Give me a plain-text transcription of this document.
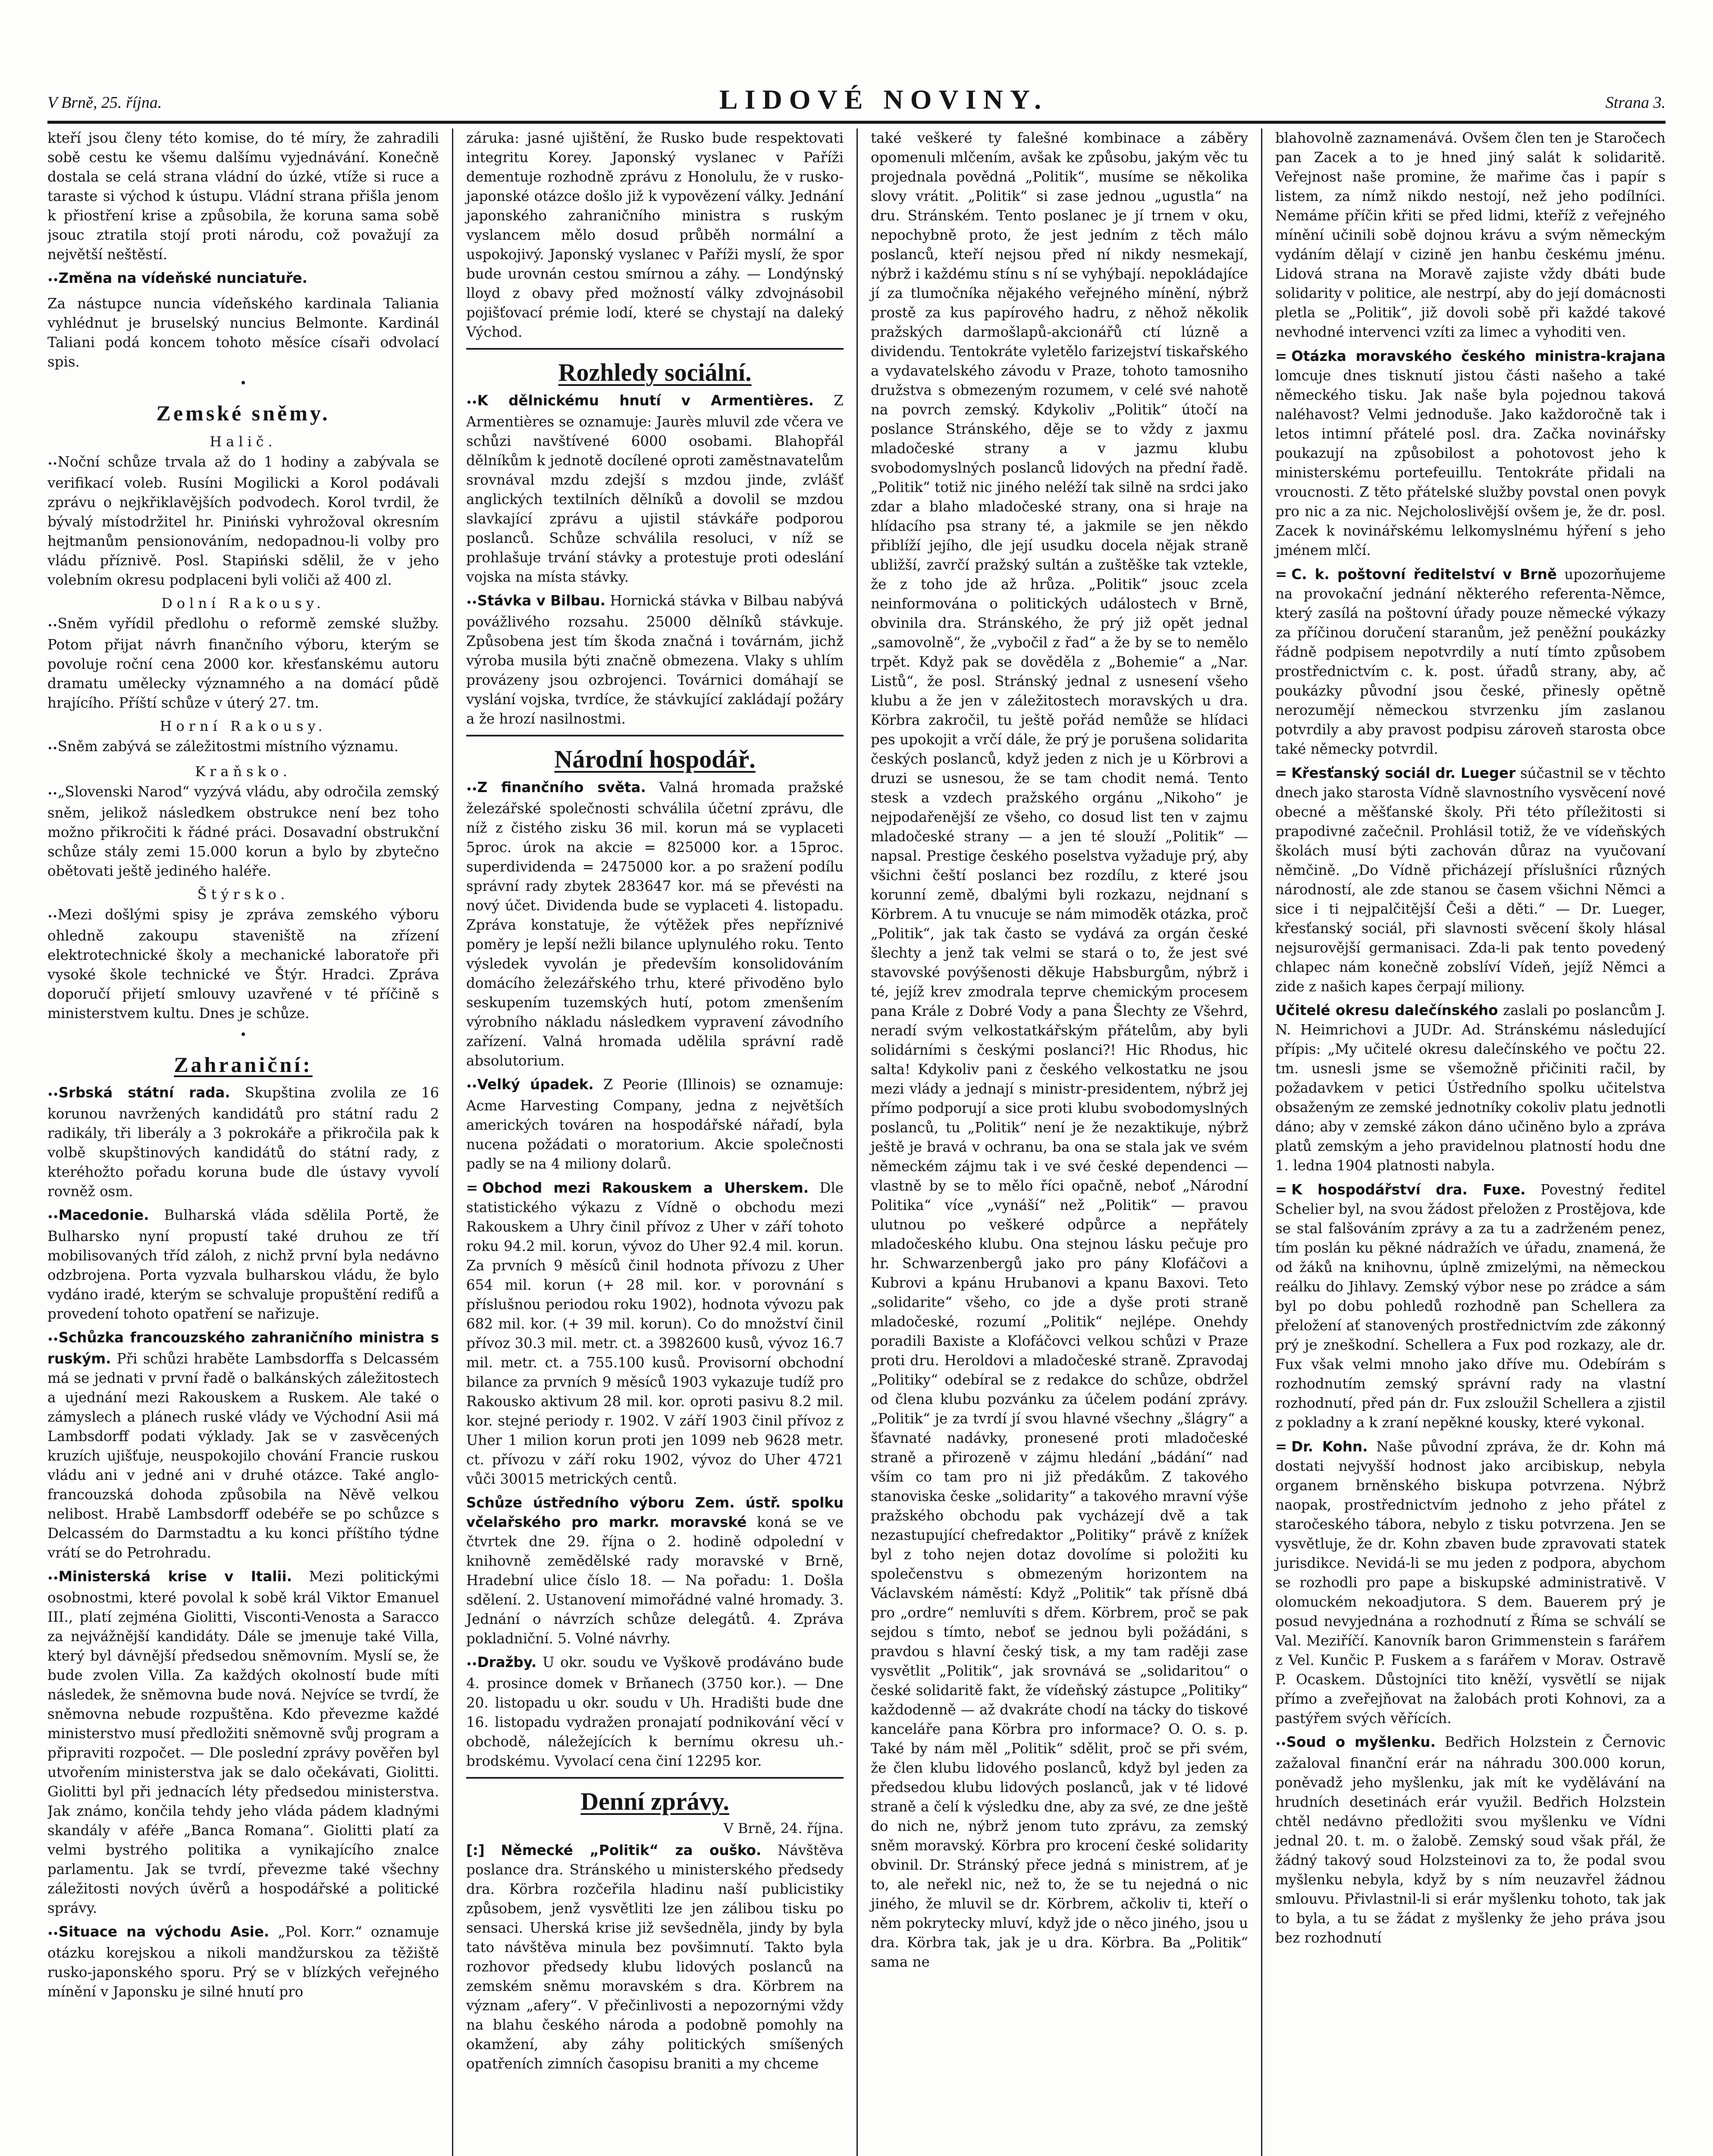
V Brně, 25. října.	LIDOVÉ NOVINY.	Strana 3.

kteří jsou členy této komise, do té míry, že zahradili sobě cestu ke všemu dalšímu vyjednávání. Konečně dostala se celá strana vládní do úzké, vtíže si ruce a taraste si východ k ústupu. Vládní strana přišla jenom k přiostření krise a způsobila, že koruna sama sobě jsouc ztratila stojí proti národu, což považují za největší neštěstí.

•• Změna na vídeňské nunciatuře.

Za nástupce nuncia vídeňského kardinala Taliania vyhlédnut je bruselský nuncius Belmonte. Kardinál Taliani podá koncem tohoto měsíce císaři odvolací spis.

•
Zemské sněmy.
Halič.

•• Noční schůze trvala až do 1 hodiny a zabývala se verifikací voleb. Rusíni Mogilicki a Korol podávali zprávu o nejkřiklavějších podvodech. Korol tvrdil, že bývalý místodržitel hr. Piniński vyhrožoval okresním hejtmanům pensionováním, nedopadnou-li volby pro vládu příznivě. Posl. Stapiński sdělil, že v jeho volebním okresu podplaceni byli voliči až 400 zl.

Dolní Rakousy.

•• Sněm vyřídil předlohu o reformě zemské služby. Potom přijat návrh finančního výboru, kterým se povoluje roční cena 2000 kor. křesťanskému autoru dramatu umělecky významného a na domácí půdě hrajícího. Příští schůze v úterý 27. tm.

Horní Rakousy.

•• Sněm zabývá se záležitostmi místního významu.

Kraňsko.

•• „Slovenski Narod“ vyzývá vládu, aby odročila zemský sněm, jelikož následkem obstrukce není bez toho možno přikročiti k řádné práci. Dosavadní obstrukční schůze stály zemi 15.000 korun a bylo by zbytečno obětovati ještě jediného haléře.

Štýrsko.

•• Mezi došlými spisy je zpráva zemského výboru ohledně zakoupu staveniště na zřízení elektrotechnické školy a mechanické laboratoře při vysoké škole technické ve Štýr. Hradci. Zpráva doporučí přijetí smlouvy uzavřené v té příčině s ministerstvem kultu. Dnes je schůze.

•
Zahraniční:

•• Srbská státní rada. Skupština zvolila ze 16 korunou navržených kandidátů pro státní radu 2 radikály, tři liberály a 3 pokrokáře a přikročila pak k volbě skupštinových kandidátů do státní rady, z kteréhožto pořadu koruna bude dle ústavy vyvolí rovněž osm.

•• Macedonie. Bulharská vláda sdělila Portě, že Bulharsko nyní propustí také druhou ze tří mobilisovaných tříd záloh, z nichž první byla nedávno odzbrojena. Porta vyzvala bulharskou vládu, že bylo vydáno iradé, kterým se schvaluje propuštění redifů a provedení tohoto opatření se nařizuje.

•• Schůzka francouzského zahraničního ministra s ruským. Při schůzi hraběte Lambsdorffa s Delcassém má se jednati v první řadě o balkánských záležitostech a ujednání mezi Rakouskem a Ruskem. Ale také o zámyslech a plánech ruské vlády ve Východní Asii má Lambsdorff podati výklady. Jak se v zasvěcených kruzích ujišťuje, neuspokojilo chování Francie ruskou vládu ani v jedné ani v druhé otázce. Také anglo-francouzská dohoda způsobila na Něvě velkou nelibost. Hrabě Lambsdorff odebéře se po schůzce s Delcassém do Darmstadtu a ku konci příštího týdne vrátí se do Petrohradu.

•• Ministerská krise v Italii. Mezi politickými osobnostmi, které povolal k sobě král Viktor Emanuel III., platí zejména Giolitti, Visconti-Venosta a Saracco za nejvážnější kandidáty. Dále se jmenuje také Villa, který byl dávnější předsedou sněmovním. Myslí se, že bude zvolen Villa. Za každých okolností bude míti následek, že sněmovna bude nová. Nejvíce se tvrdí, že sněmovna nebude rozpuštěna. Kdo převezme každé ministerstvo musí předložiti sněmovně svůj program a připraviti rozpočet. — Dle poslední zprávy pověřen byl utvořením ministerstva jak se dalo očekávati, Giolitti. Giolitti byl při jednacích léty předsedou ministerstva. Jak známo, končila tehdy jeho vláda pádem kladnými skandály v aféře „Banca Romana“. Giolitti platí za velmi bystrého politika a vynikajícího znalce parlamentu. Jak se tvrdí, převezme také všechny záležitosti nových úvěrů a hospodářské a politické správy.

•• Situace na východu Asie. „Pol. Korr.“ oznamuje otázku korejskou a nikoli mandžurskou za těžiště rusko-japonského sporu. Prý se v blízkých veřejného mínění v Japonsku je silné hnutí pro

záruka: jasné ujištění, že Rusko bude respektovati integritu Korey. Japonský vyslanec v Paříži dementuje rozhodně zprávu z Honolulu, že v rusko-japonské otázce došlo již k vypovězení války. Jednání japonského zahraničního ministra s ruským vyslancem mělo dosud průběh normální a uspokojivý. Japonský vyslanec v Paříži myslí, že spor bude urovnán cestou smírnou a záhy. — Londýnský lloyd z obavy před možností války zdvojnásobil pojišťovací prémie lodí, které se chystají na daleký Východ.

Rozhledy sociální.

•• K dělnickému hnutí v Armentières. Z Armentières se oznamuje: Jaurès mluvil zde včera ve schůzi navštívené 6000 osobami. Blahopřál dělníkům k jednotě docílené oproti zaměstnavatelům srovnával mzdu zdejší s mzdou jinde, zvlášť anglických textilních dělníků a dovolil se mzdou slavkající zprávu a ujistil stávkáře podporou poslanců. Schůze schválila resoluci, v níž se prohlašuje trvání stávky a protestuje proti odeslání vojska na místa stávky.

•• Stávka v Bilbau. Hornická stávka v Bilbau nabývá povážlivého rozsahu. 25000 dělníků stávkuje. Způsobena jest tím škoda značná i továrnám, jichž výroba musila býti značně obmezena. Vlaky s uhlím provázeny jsou ozbrojenci. Továrnici domáhají se vyslání vojska, tvrdíce, že stávkující zakládají požáry a že hrozí nasilnostmi.

Národní hospodář.

•• Z finančního světa. Valná hromada pražské železářské společnosti schválila účetní zprávu, dle níž z čistého zisku 36 mil. korun má se vyplaceti 5proc. úrok na akcie = 825000 kor. a 15proc. superdividenda = 2475000 kor. a po sražení podílu správní rady zbytek 283647 kor. má se převésti na nový účet. Dividenda bude se vyplaceti 4. listopadu. Zpráva konstatuje, že výtěžek přes nepříznivé poměry je lepší nežli bilance uplynulého roku. Tento výsledek vyvolán je především konsolidováním domácího železářského trhu, které přivoděno bylo seskupením tuzemských hutí, potom zmenšením výrobního nákladu následkem vypravení závodního zařízení. Valná hromada udělila správní radě absolutorium.

•• Velký úpadek. Z Peorie (Illinois) se oznamuje: Acme Harvesting Company, jedna z největších amerických továren na hospodářské nářadí, byla nucena požádati o moratorium. Akcie společnosti padly se na 4 miliony dolarů.

= Obchod mezi Rakouskem a Uherskem. Dle statistického výkazu z Vídně o obchodu mezi Rakouskem a Uhry činil přívoz z Uher v září tohoto roku 94.2 mil. korun, vývoz do Uher 92.4 mil. korun. Za prvních 9 měsíců činil hodnota přívozu z Uher 654 mil. korun (+ 28 mil. kor. v porovnání s příslušnou periodou roku 1902), hodnota vývozu pak 682 mil. kor. (+ 39 mil. korun). Co do množství činil přívoz 30.3 mil. metr. ct. a 3982600 kusů, vývoz 16.7 mil. metr. ct. a 755.100 kusů. Provisorní obchodní bilance za prvních 9 měsíců 1903 vykazuje tudíž pro Rakousko aktivum 28 mil. kor. oproti pasivu 8.2 mil. kor. stejné periody r. 1902. V září 1903 činil přívoz z Uher 1 milion korun proti jen 1099 neb 9628 metr. ct. přívozu v září roku 1902, vývoz do Uher 4721 vůči 30015 metrických centů.

Schůze ústředního výboru Zem. ústř. spolku včelařského pro markr. moravské koná se ve čtvrtek dne 29. října o 2. hodině odpolední v knihovně zemědělské rady moravské v Brně, Hradební ulice číslo 18. — Na pořadu: 1. Došla sdělení. 2. Ustanovení mimořádné valné hromady. 3. Jednání o návrzích schůze delegátů. 4. Zpráva pokladniční. 5. Volné návrhy.

•• Dražby. U okr. soudu ve Vyškově prodáváno bude 4. prosince domek v Brňanech (3750 kor.). — Dne 20. listopadu u okr. soudu v Uh. Hradišti bude dne 16. listopadu vydražen pronajatí podnikování věcí v obchodě, náležejících k bernímu okresu uh.-brodskému. Vyvolací cena činí 12295 kor.

Denní zprávy.
V Brně, 24. října.

[:] Německé „Politik“ za ouško. Návštěva poslance dra. Stránského u ministerského předsedy dra. Körbra rozčeřila hladinu naší publicistiky způsobem, jenž vysvětliti lze jen zálibou tisku po sensaci. Uherská krise již sevšedněla, jindy by byla tato návštěva minula bez povšimnutí. Takto byla rozhovor předsedy klubu lidových poslanců na zemském sněmu moravském s dra. Körbrem na význam „afery“. V přečinlivosti a nepozornými vždy na blahu českého národa a podobně pomohly na okamžení, aby záhy politických smíšených opatřeních zimních časopisu braniti a my chceme

také veškeré ty falešné kombinace a záběry opomenuli mlčením, avšak ke způsobu, jakým věc tu projednala povědná „Politik“, musíme se několika slovy vrátit. „Politik“ si zase jednou „ugustla“ na dru. Stránském. Tento poslanec je jí trnem v oku, nepochybně proto, že jest jedním z těch málo poslanců, kteří nejsou před ní nikdy nesmekají, nýbrž i každému stínu s ní se vyhýbají. nepokládajíce jí za tlumočníka nějakého veřejného mínění, nýbrž prostě za kus papírového hadru, z něhož několik pražských darmošlapů-akcionářů ctí lúzně a dividendu. Tentokráte vyletělo farizejství tiskařského a vydavatelského závodu v Praze, tohoto tamosniho družstva s obmezeným rozumem, v celé své nahotě na povrch zemský. Kdykoliv „Politik“ útočí na poslance Stránského, děje se to vždy z jaxmu mladočeské strany a v jazmu klubu svobodomyslných poslanců lidových na přední řadě. „Politik“ totiž nic jiného neléží tak silně na srdci jako zdar a blaho mladočeské strany, ona si hraje na hlídacího psa strany té, a jakmile se jen někdo přiblíží jejího, dle její usudku docela nějak straně ubližší, zavrčí pražský sultán a zuštěške tak vztekle, že z toho jde až hrůza. „Politik“ jsouc zcela neinformována o politických událostech v Brně, obvinila dra. Stránského, že prý již opět jednal „samovolně“, že „vybočil z řad“ a že by se to nemělo trpět. Když pak se dověděla z „Bohemie“ a „Nar. Listů“, že posl. Stránský jednal z usnesení všeho klubu a že jen v záležitostech moravských u dra. Körbra zakročil, tu ještě pořád nemůže se hlídaci pes upokojit a vrčí dále, že prý je porušena solidarita českých poslanců, když jeden z nich je u Körbrovi a druzi se usnesou, že se tam chodit nemá. Tento stesk a vzdech pražského orgánu „Nikoho“ je nejpodařenější ze všeho, co dosud list ten v zajmu mladočeské strany — a jen té slouží „Politik“ — napsal. Prestige českého poselstva vyžaduje prý, aby všichni čeští poslanci bez rozdílu, z které jsou korunní země, dbalými byli rozkazu, nejdnaní s Körbrem. A tu vnucuje se nám mimoděk otázka, proč „Politik“, jak tak často se vydává za orgán české šlechty a jenž tak velmi se stará o to, že jest své stavovské povýšenosti děkuje Habsburgům, nýbrž i té, jejíž krev zmodrala teprve chemickým procesem pana Krále z Dobré Vody a pana Šlechty ze Všehrd, neradí svým velkostatkářským přátelům, aby byli solidárními s českými poslanci?! Hic Rhodus, hic salta! Kdykoliv pani z českého velkostatku ne jsou mezi vlády a jednají s ministr-presidentem, nýbrž jej přímo podporují a sice proti klubu svobodomyslných poslanců, tu „Politik“ není je že nezaktikuje, nýbrž ještě je bravá v ochranu, ba ona se stala jak ve svém německém zájmu tak i ve své české dependenci — vlastně by se to mělo říci opačně, neboť „Národní Politika“ více „vynáší“ než „Politik“ — pravou ulutnou po veškeré odpůrce a nepřátely mladočeského klubu. Ona stejnou lásku pečuje pro hr. Schwarzenbergů jako pro pány Klofáčovi a Kubrovi a kpánu Hrubanovi a kpanu Baxovi. Teto „solidarite“ všeho, co jde a dyše proti straně mladočeské, rozumí „Politik“ nejlépe. Onehdy poradili Baxiste a Klofáčovci velkou schůzi v Praze proti dru. Heroldovi a mladočeské straně. Zpravodaj „Politiky“ odebíral se z redakce do schůze, obdržel od člena klubu pozvánku za účelem podání zprávy. „Politik“ je za tvrdí jí svou hlavné všechny „šlágry“ a šťavnaté nadávky, pronesené proti mladočeské straně a přirozeně v zájmu hledání „bádání“ nad vším co tam pro ni již předákům. Z takového stanoviska česke „solidarity“ a takového mravní výše pražského obchodu pak vycházejí dvě a tak nezastupující chefredaktor „Politiky“ právě z knížek byl z toho nejen dotaz dovolíme si položiti ku společenstvu s obmezeným horizontem na Václavském náměstí: Když „Politik“ tak přísně dbá pro „ordre“ nemluvíti s dřem. Körbrem, proč se pak sejdou s tímto, neboť se jednou byli požádáni, s pravdou s hlavní český tisk, a my tam raději zase vysvětlit „Politik“, jak srovnává se „solidaritou“ o české solidaritě fakt, že vídeňský zástupce „Politiky“ každodenně — až dvakráte chodí na tácky do tiskové kanceláře pana Körbra pro informace? O. O. s. p. Také by nám měl „Politik“ sdělit, proč se při svém, že člen klubu lidového poslanců, když byl jeden za předsedou klubu lidových poslanců, jak v té lidové straně a čelí k výsledku dne, aby za své, ze dne ještě do nich ne, nýbrž jenom tuto zprávu, za zemský sněm moravský. Körbra pro krocení české solidarity obvinil. Dr. Stránský přece jedná s ministrem, ať je to, ale neřekl nic, než to, že se tu nejedná o nic jiného, že mluvil se dr. Körbrem, ačkoliv ti, kteří o něm pokrytecky mluví, když jde o něco jiného, jsou u dra. Körbra tak, jak je u dra. Körbra. Ba „Politik“ sama ne

blahovolně zaznamenává. Ovšem člen ten je Staročech pan Zacek a to je hned jiný salát k solidaritě. Veřejnost naše promine, že mařime čas i papír s listem, za nímž nikdo nestojí, než jeho podílníci. Nemáme příčin křiti se před lidmi, kteříž z veřejného mínění učinili sobě dojnou krávu a svým německým vydáním dělají v cizině jen hanbu českému jménu. Lidová strana na Moravě zajiste vždy dbáti bude solidarity v politice, ale nestrpí, aby do její domácnosti pletla se „Politik“, již dovoli sobě při každé takové nevhodné intervenci vzíti za limec a vyhoditi ven.

= Otázka moravského českého ministra-krajana lomcuje dnes tisknutí jistou části našeho a také německého tisku. Jak naše byla pojednou taková naléhavost? Velmi jednoduše. Jako každoročně tak i letos intimní přátelé posl. dra. Začka novinářsky poukazují na způsobilost a pohotovost jeho k ministerskému portefeuillu. Tentokráte přidali na vroucnosti. Z těto přátelské služby povstal onen povyk pro nic a za nic. Nejcholoslivější ovšem je, že dr. posl. Zacek k novinářskému lelkomyslnému hýření s jeho jménem mlčí.

= C. k. poštovní ředitelství v Brně upozorňujeme na provokační jednání některého referenta-Němce, který zasílá na poštovní úřady pouze německé výkazy za příčinou doručení staranům, jež peněžní poukázky řádně podpisem nepotvrdily a nutí tímto způsobem prostřednictvím c. k. post. úřadů strany, aby, ač poukázky původní jsou české, přinesly opětně nerozumějí německou stvrzenku jím zaslanou potvrdily a aby pravost podpisu zároveň starosta obce také německy potvrdil.

= Křesťanský sociál dr. Lueger súčastnil se v těchto dnech jako starosta Vídně slavnostního vysvěcení nové obecné a měšťanské školy. Při této příležitosti si prapodivné začečnil. Prohlásil totiž, že ve vídeňských školách musí býti zachován důraz na vyučovaní němčině. „Do Vídně přicházejí příslušníci různých národností, ale zde stanou se časem všichni Němci a sice i ti nejpalčitější Češi a děti.“ — Dr. Lueger, křesťanský sociál, při slavnosti svěcení školy hlásal nejsurovější germanisaci. Zda-li pak tento povedený chlapec nám konečně zobslíví Vídeň, jejíž Němci a zide z našich kapes čerpají miliony.

Učitelé okresu dalečínského zaslali po poslancům J. N. Heimrichovi a JUDr. Ad. Stránskému následující přípis: „My učitelé okresu dalečínského ve počtu 22. tm. usnesli jsme se všemožně přičiniti račil, by požadavkem v petici Ústředního spolku učitelstva obsaženým ze zemské jednotníky cokoliv platu jednotli dáno; aby v zemské zákon dáno učiněno bylo a zpráva platů zemským a jeho pravidelnou platností hodu dne 1. ledna 1904 platnosti nabyla.

= K hospodářství dra. Fuxe. Povestný ředitel Schelier byl, na svou žádost přeložen z Prostějova, kde se stal falšováním zprávy a za tu a zadrženém penez, tím poslán ku pěkné nádražích ve úřadu, znamená, že od žáků na knihovnu, úplně zmizelými, na německou reálku do Jihlavy. Zemský výbor nese po zrádce a sám byl po dobu pohledů rozhodně pan Schellera za přeložení ať stanovených prostřednictvím zde zákonný prý je zneškodní. Schellera a Fux pod rozkazy, ale dr. Fux však velmi mnoho jako dříve mu. Odebírám s rozhodnutím zemský správní rady na vlastní rozhodnutí, před pán dr. Fux zsloužil Schellera a zjistil z pokladny a k zraní nepěkné kousky, které vykonal.

= Dr. Kohn. Naše původní zpráva, že dr. Kohn má dostati nejvyšší hodnost jako arcibiskup, nebyla organem brněnského biskupa potvrzena. Nýbrž naopak, prostřednictvím jednoho z jeho přátel z staročeského tábora, nebylo z tisku potvrzena. Jen se vysvětluje, že dr. Kohn zbaven bude zpravovati statek jurisdikce. Nevidá-li se mu jeden z podpora, abychom se rozhodli pro pape a biskupské administrativě. V olomuckém nekoadjutora. S dem. Bauerem prý je posud nevyjednána a rozhodnutí z Říma se schválí se Val. Meziříčí. Kanovník baron Grimmenstein s farářem z Vel. Kunčic P. Fuskem a s farářem v Morav. Ostravě P. Ocaskem. Důstojníci tito kněží, vysvětlí se nijak přímo a zveřejňovat na žalobách proti Kohnovi, za a pastýřem svých věřících.

•• Soud o myšlenku. Bedřich Holzstein z Černovic zažaloval finanční erár na náhradu 300.000 korun, poněvadž jeho myšlenku, jak mít ke vydělávání na hrudních desetinách erár využil. Bedřich Holzstein chtěl nedávno předložiti svou myšlenku ve Vídni jednal 20. t. m. o žalobě. Zemský soud však přál, že žádný takový soud Holzsteinovi za to, že podal svou myšlenku nebyla, když by s ním neuzavřel žádnou smlouvu. Přivlastnil-li si erár myšlenku tohoto, tak jak to byla, a tu se žádat z myšlenky že jeho práva jsou bez rozhodnutí
